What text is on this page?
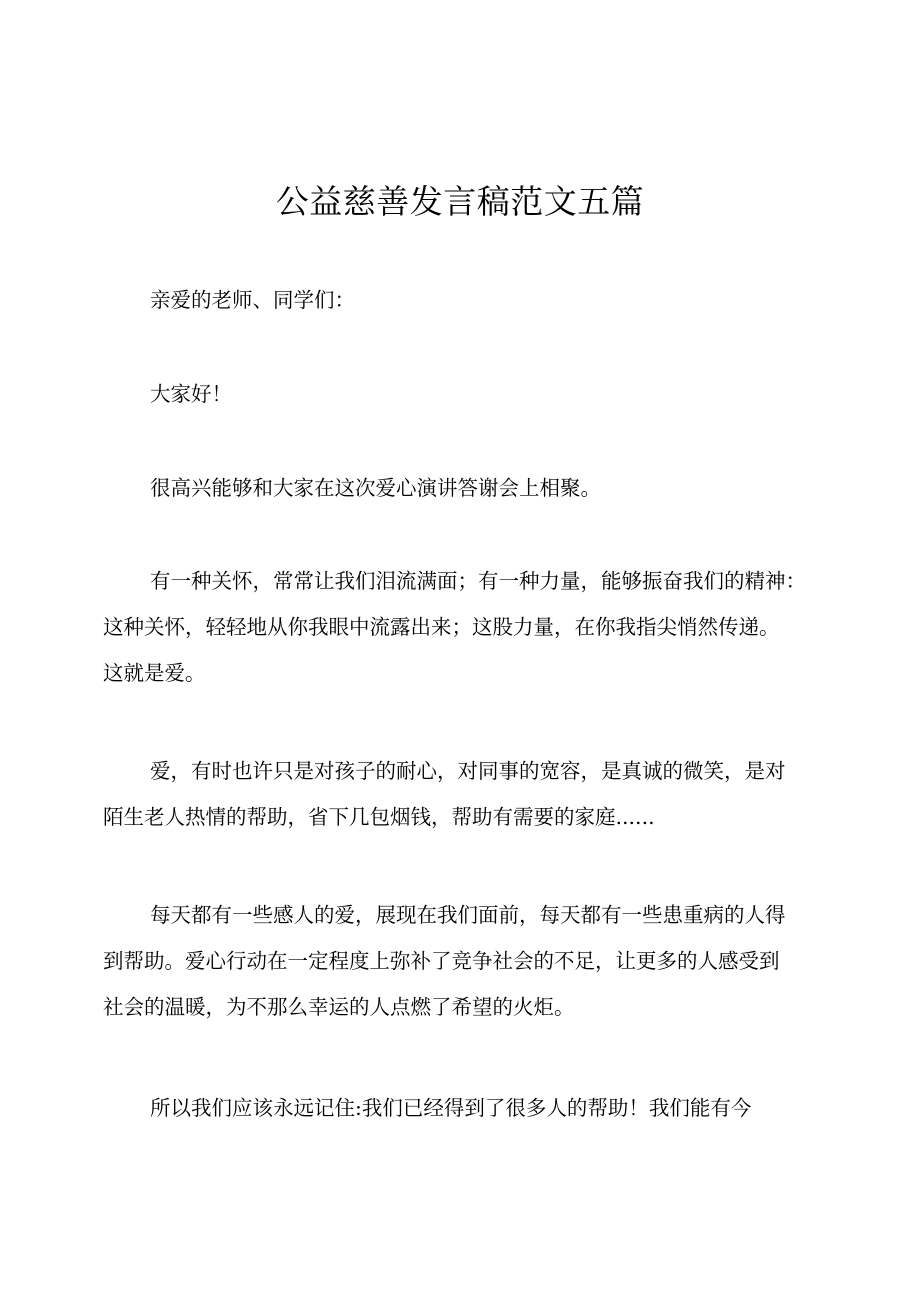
公益慈善发言稿范文五篇
亲爱的老师、同学们：
大家好！
很高兴能够和大家在这次爱心演讲答谢会上相聚。
有一种关怀，常常让我们泪流满面；有一种力量，能够振奋我们的精神：
这种关怀，轻轻地从你我眼中流露出来；这股力量，在你我指尖悄然传递。
这就是爱。
爱，有时也许只是对孩子的耐心，对同事的宽容，是真诚的微笑，是对
陌生老人热情的帮助，省下几包烟钱，帮助有需要的家庭......
每天都有一些感人的爱，展现在我们面前，每天都有一些患重病的人得
到帮助。爱心行动在一定程度上弥补了竞争社会的不足，让更多的人感受到
社会的温暖，为不那么幸运的人点燃了希望的火炬。
所以我们应该永远记住:我们已经得到了很多人的帮助！我们能有今
